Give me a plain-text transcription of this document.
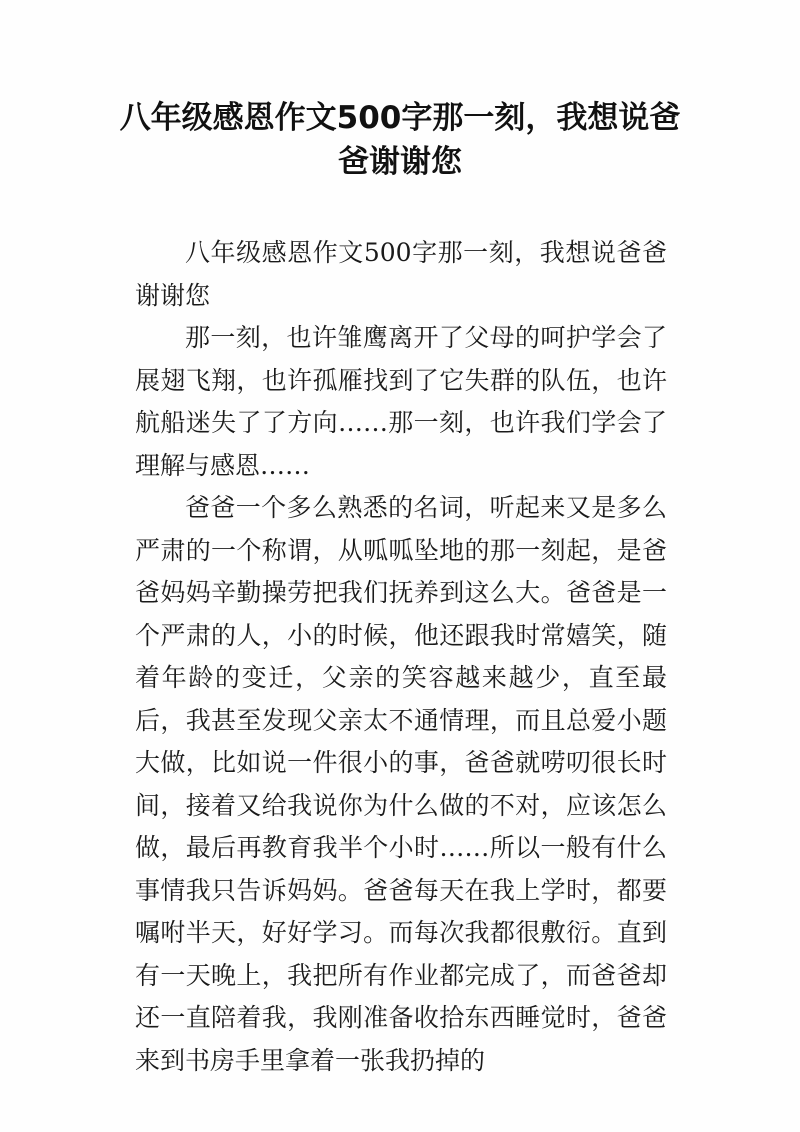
八年级感恩作文500字那一刻，我想说爸爸谢谢您

八年级感恩作文500字那一刻，我想说爸爸谢谢您

那一刻，也许雏鹰离开了父母的呵护学会了展翅飞翔，也许孤雁找到了它失群的队伍，也许航船迷失了了方向……那一刻，也许我们学会了理解与感恩……

爸爸一个多么熟悉的名词，听起来又是多么严肃的一个称谓，从呱呱坠地的那一刻起，是爸爸妈妈辛勤操劳把我们抚养到这么大。爸爸是一个严肃的人，小的时候，他还跟我时常嬉笑，随着年龄的变迁，父亲的笑容越来越少，直至最后，我甚至发现父亲太不通情理，而且总爱小题大做，比如说一件很小的事，爸爸就唠叨很长时间，接着又给我说你为什么做的不对，应该怎么做，最后再教育我半个小时……所以一般有什么事情我只告诉妈妈。爸爸每天在我上学时，都要嘱咐半天，好好学习。而每次我都很敷衍。直到有一天晚上，我把所有作业都完成了，而爸爸却还一直陪着我，我刚准备收拾东西睡觉时，爸爸来到书房手里拿着一张我扔掉的
